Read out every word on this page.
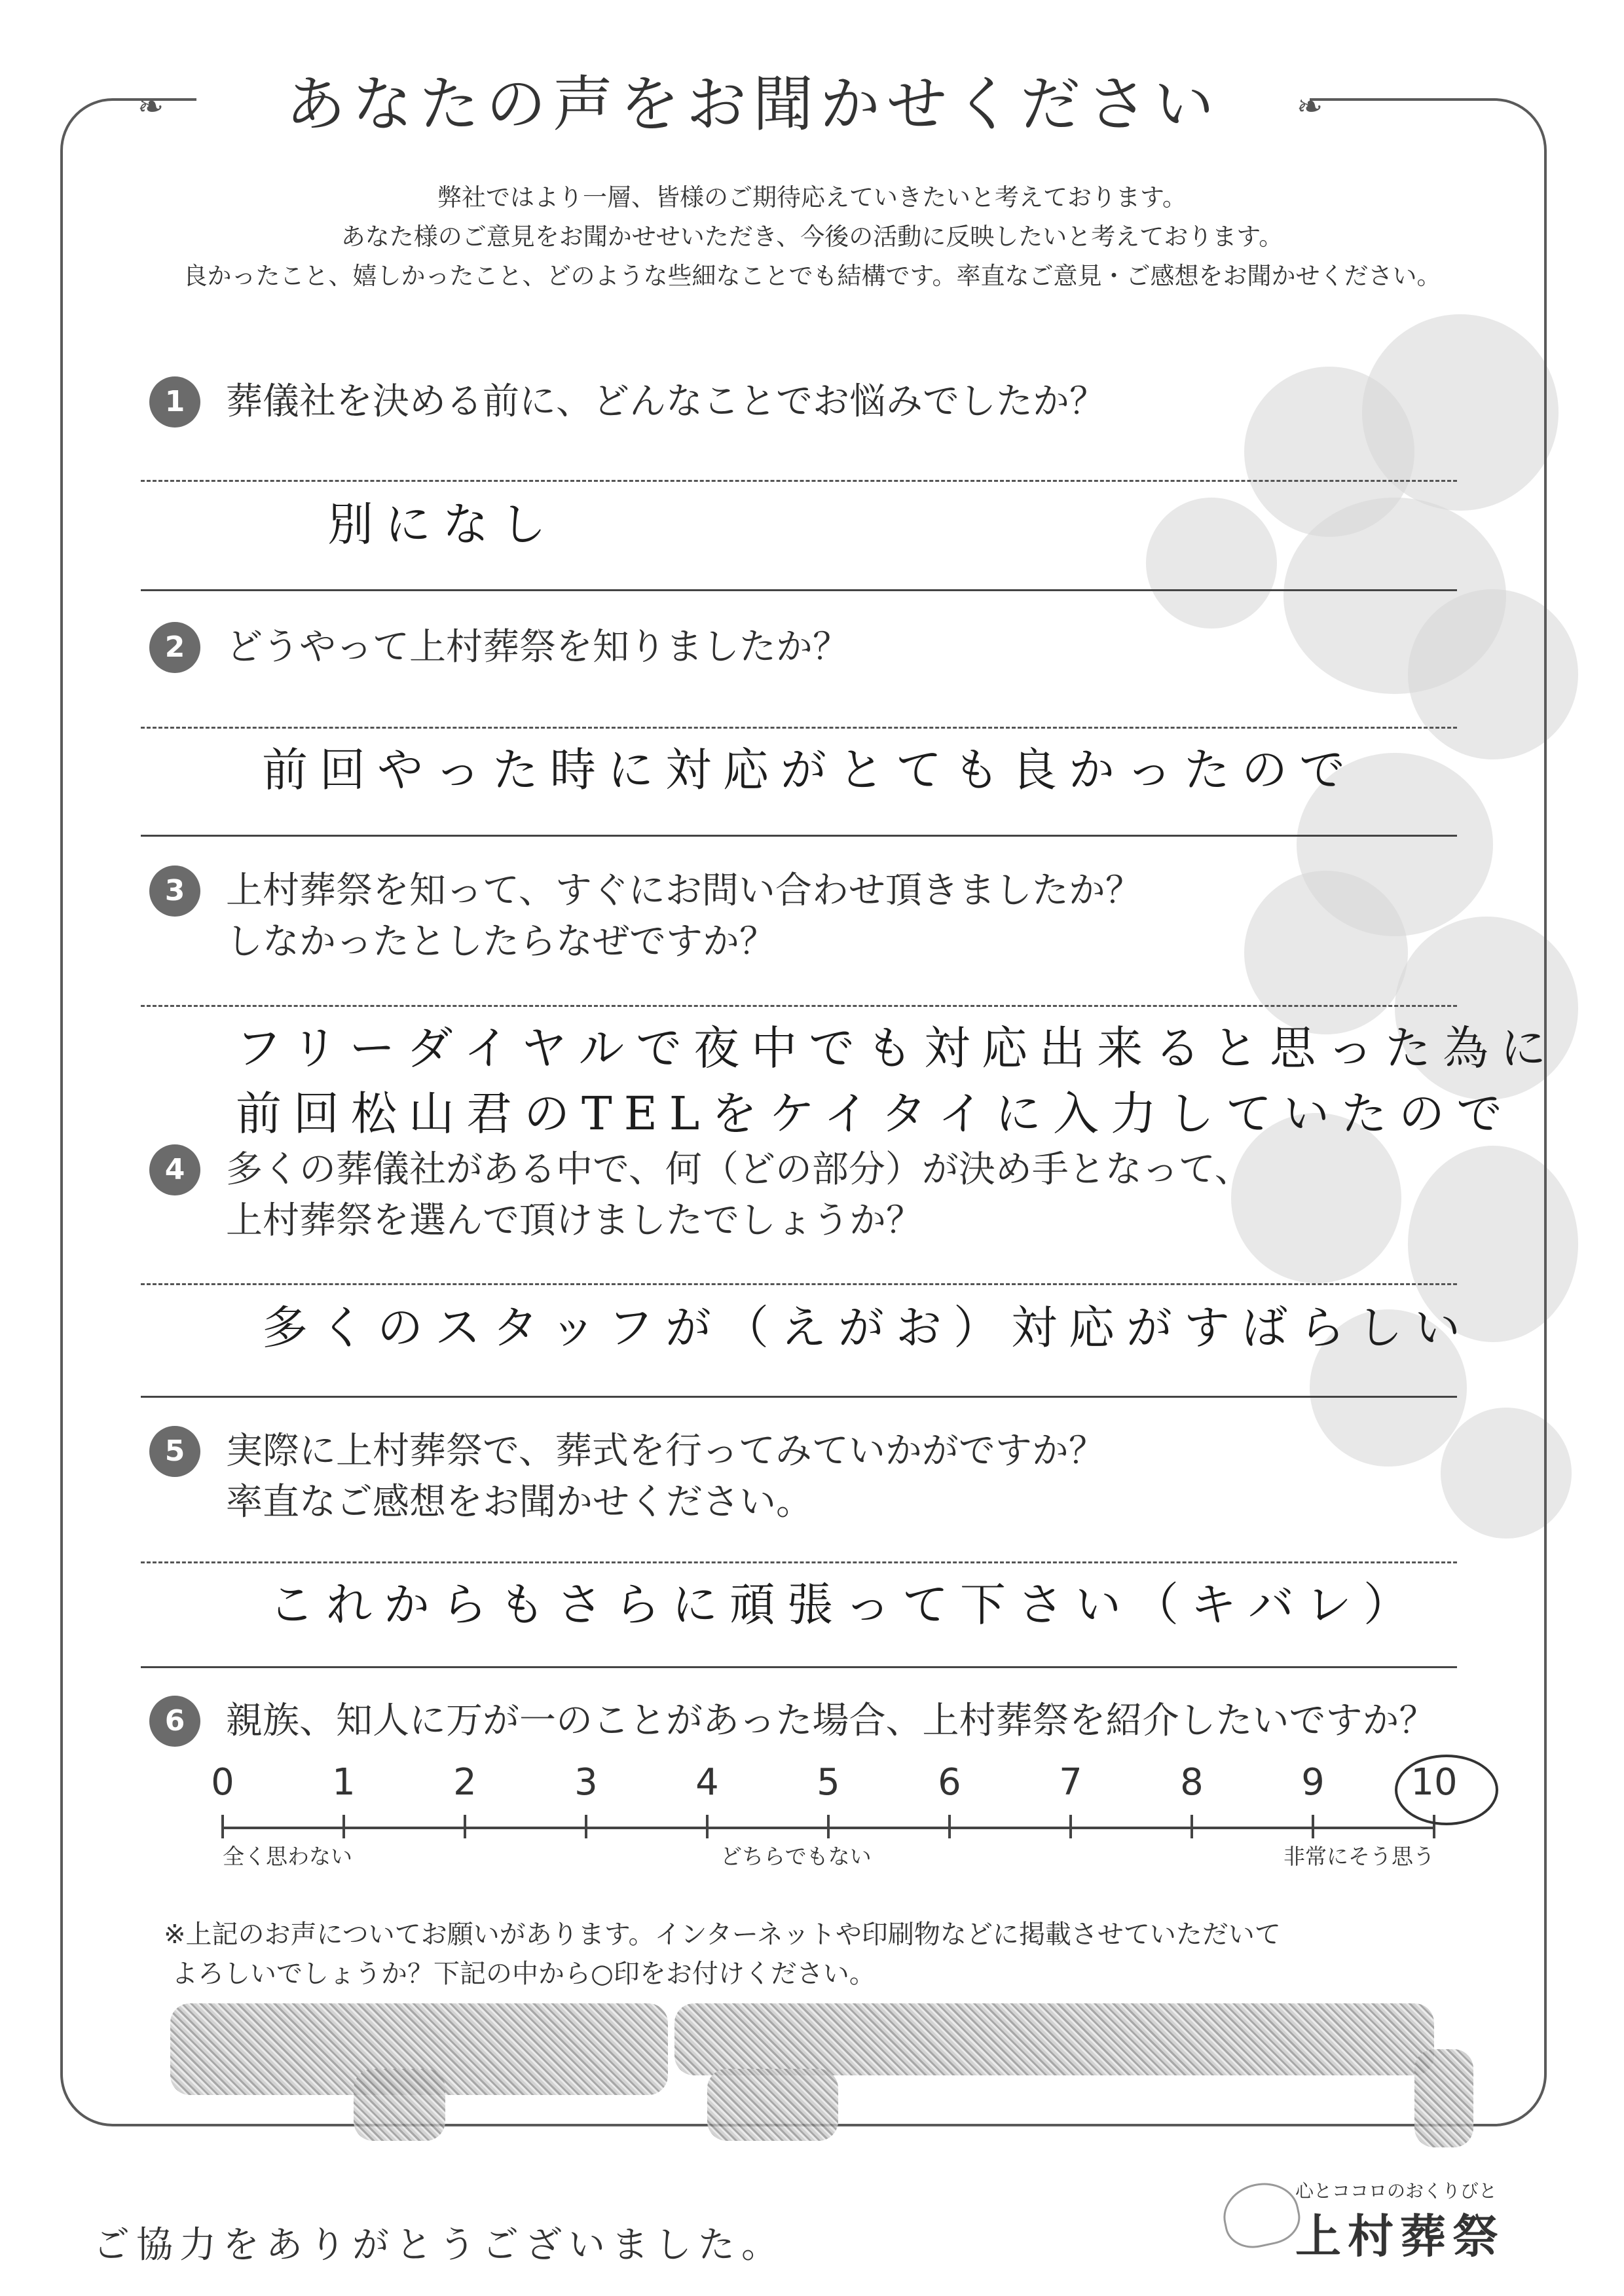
あなたの声をお聞かせください
❧	❧
弊社ではより一層、皆様のご期待応えていきたいと考えております。
あなた様のご意見をお聞かせせいただき、今後の活動に反映したいと考えております。
良かったこと、嬉しかったこと、どのような些細なことでも結構です。率直なご意見・ご感想をお聞かせください。
1	葬儀社を決める前に、どんなことでお悩みでしたか？
別になし
2	どうやって上村葬祭を知りましたか？
前回やった時に対応がとても良かったので
3	上村葬祭を知って、すぐにお問い合わせ頂きましたか？
しなかったとしたらなぜですか？
フリーダイヤルで夜中でも対応出来ると思った為に
前回松山君のTELをケイタイに入力していたので
4	多くの葬儀社がある中で、何（どの部分）が決め手となって、
上村葬祭を選んで頂けましたでしょうか？
多くのスタッフが（えがお）対応がすばらしい
5	実際に上村葬祭で、葬式を行ってみていかがですか？
率直なご感想をお聞かせください。
これからもさらに頑張って下さい（キバレ）
6	親族、知人に万が一のことがあった場合、上村葬祭を紹介したいですか？
0	1	2	3	4	5	6	7	8	9	10
全く思わない	どちらでもない	非常にそう思う
※上記のお声についてお願いがあります。インターネットや印刷物などに掲載させていただいて
よろしいでしょうか？下記の中から○印をお付けください。
ご協力をありがとうございました。
心とココロのおくりびと
上村葬祭
